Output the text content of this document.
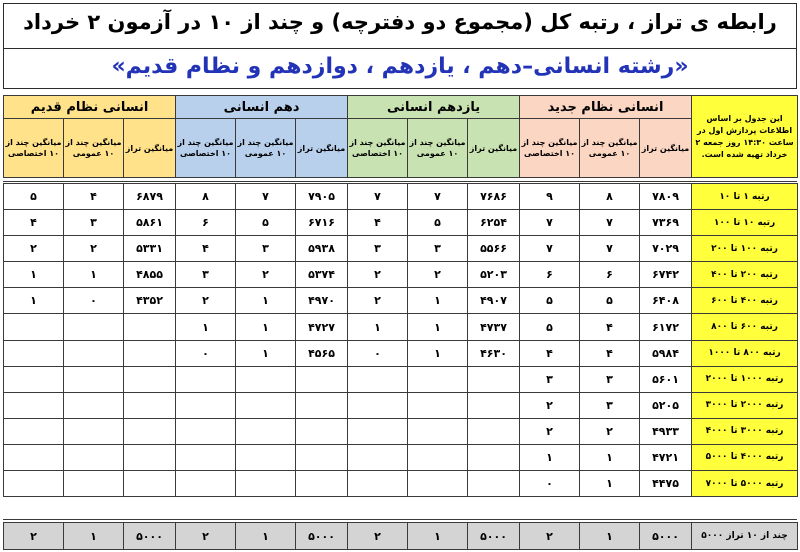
رابطه ی تراز ، رتبه کل (مجموع دو دفترچه) و چند از ۱۰ در آزمون ۲ خرداد
«رشته انسانی–دهم ، یازدهم ، دوازدهم و نظام قدیم»
انسانی نظام قدیم			دهم انسانی			یازدهم انسانی			انسانی نظام جدید			این جدول بر اساس اطلاعات پردازش اول در ساعت ۱۴:۳۰ روز جمعه ۲ خرداد تهیه شده است.
میانگین چند از ۱۰ اختصاصی	میانگین چند از ۱۰ عمومی	میانگین تراز	میانگین چند از ۱۰ اختصاصی	میانگین چند از ۱۰ عمومی	میانگین تراز	میانگین چند از ۱۰ اختصاصی	میانگین چند از ۱۰ عمومی	میانگین تراز	میانگین چند از ۱۰ اختصاصی	میانگین چند از ۱۰ عمومی	میانگین تراز	
۵	۴	۶۸۷۹	۸	۷	۷۹۰۵	۷	۷	۷۶۸۶	۹	۸	۷۸۰۹	رتبه ۱ تا ۱۰
۴	۳	۵۸۶۱	۶	۵	۶۷۱۶	۴	۵	۶۲۵۴	۷	۷	۷۳۶۹	رتبه ۱۰ تا ۱۰۰
۲	۲	۵۳۳۱	۴	۳	۵۹۳۸	۳	۳	۵۵۶۶	۷	۷	۷۰۲۹	رتبه ۱۰۰ تا ۲۰۰
۱	۱	۴۸۵۵	۳	۲	۵۳۷۴	۲	۲	۵۲۰۳	۶	۶	۶۷۴۲	رتبه ۲۰۰ تا ۴۰۰
۱	۰	۴۳۵۲	۲	۱	۴۹۷۰	۲	۱	۴۹۰۷	۵	۵	۶۴۰۸	رتبه ۴۰۰ تا ۶۰۰
			۱	۱	۴۷۲۷	۱	۱	۴۷۳۷	۵	۴	۶۱۷۲	رتبه ۶۰۰ تا ۸۰۰
			۰	۱	۴۵۶۵	۰	۱	۴۶۳۰	۴	۴	۵۹۸۴	رتبه ۸۰۰ تا ۱۰۰۰
									۳	۳	۵۶۰۱	رتبه ۱۰۰۰ تا ۲۰۰۰
									۲	۳	۵۲۰۵	رتبه ۲۰۰۰ تا ۳۰۰۰
									۲	۲	۴۹۳۳	رتبه ۳۰۰۰ تا ۴۰۰۰
									۱	۱	۴۷۲۱	رتبه ۴۰۰۰ تا ۵۰۰۰
									۰	۱	۴۴۷۵	رتبه ۵۰۰۰ تا ۷۰۰۰
۲	۱	۵۰۰۰	۲	۱	۵۰۰۰	۲	۱	۵۰۰۰	۲	۱	۵۰۰۰	چند از ۱۰ تراز ۵۰۰۰
